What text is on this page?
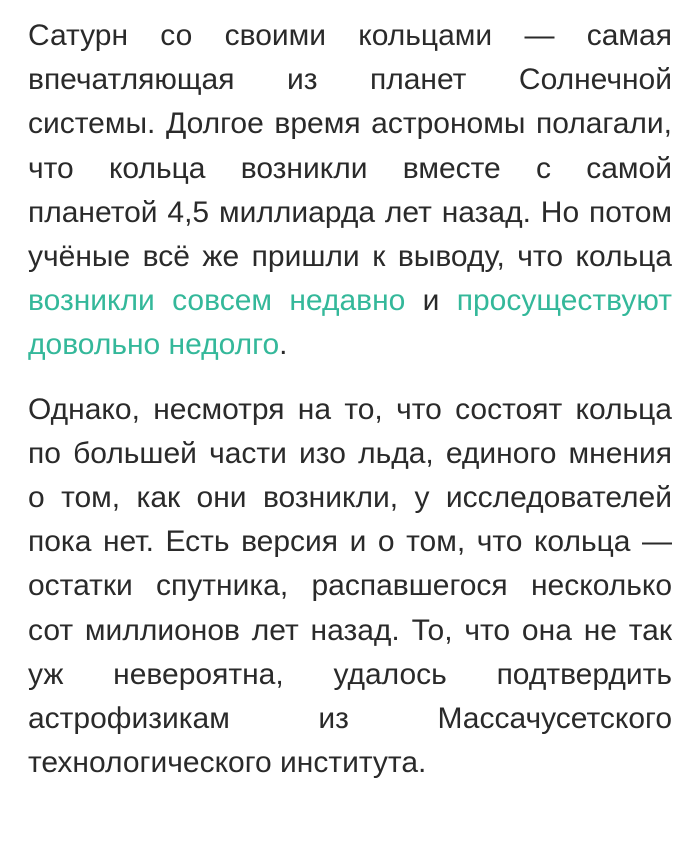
Сатурн со своими кольцами — самая впечатляющая из планет Солнечной системы. Долгое время астрономы полагали, что кольца возникли вместе с самой планетой 4,5 миллиарда лет назад. Но потом учёные всё же пришли к выводу, что кольца возникли совсем недавно и просуществуют довольно недолго.

Однако, несмотря на то, что состоят кольца по большей части изо льда, единого мнения о том, как они возникли, у исследователей пока нет. Есть версия и о том, что кольца — остатки спутника, распавшегося несколько сот миллионов лет назад. То, что она не так уж невероятна, удалось подтвердить астрофизикам из Массачусетского технологического института.
